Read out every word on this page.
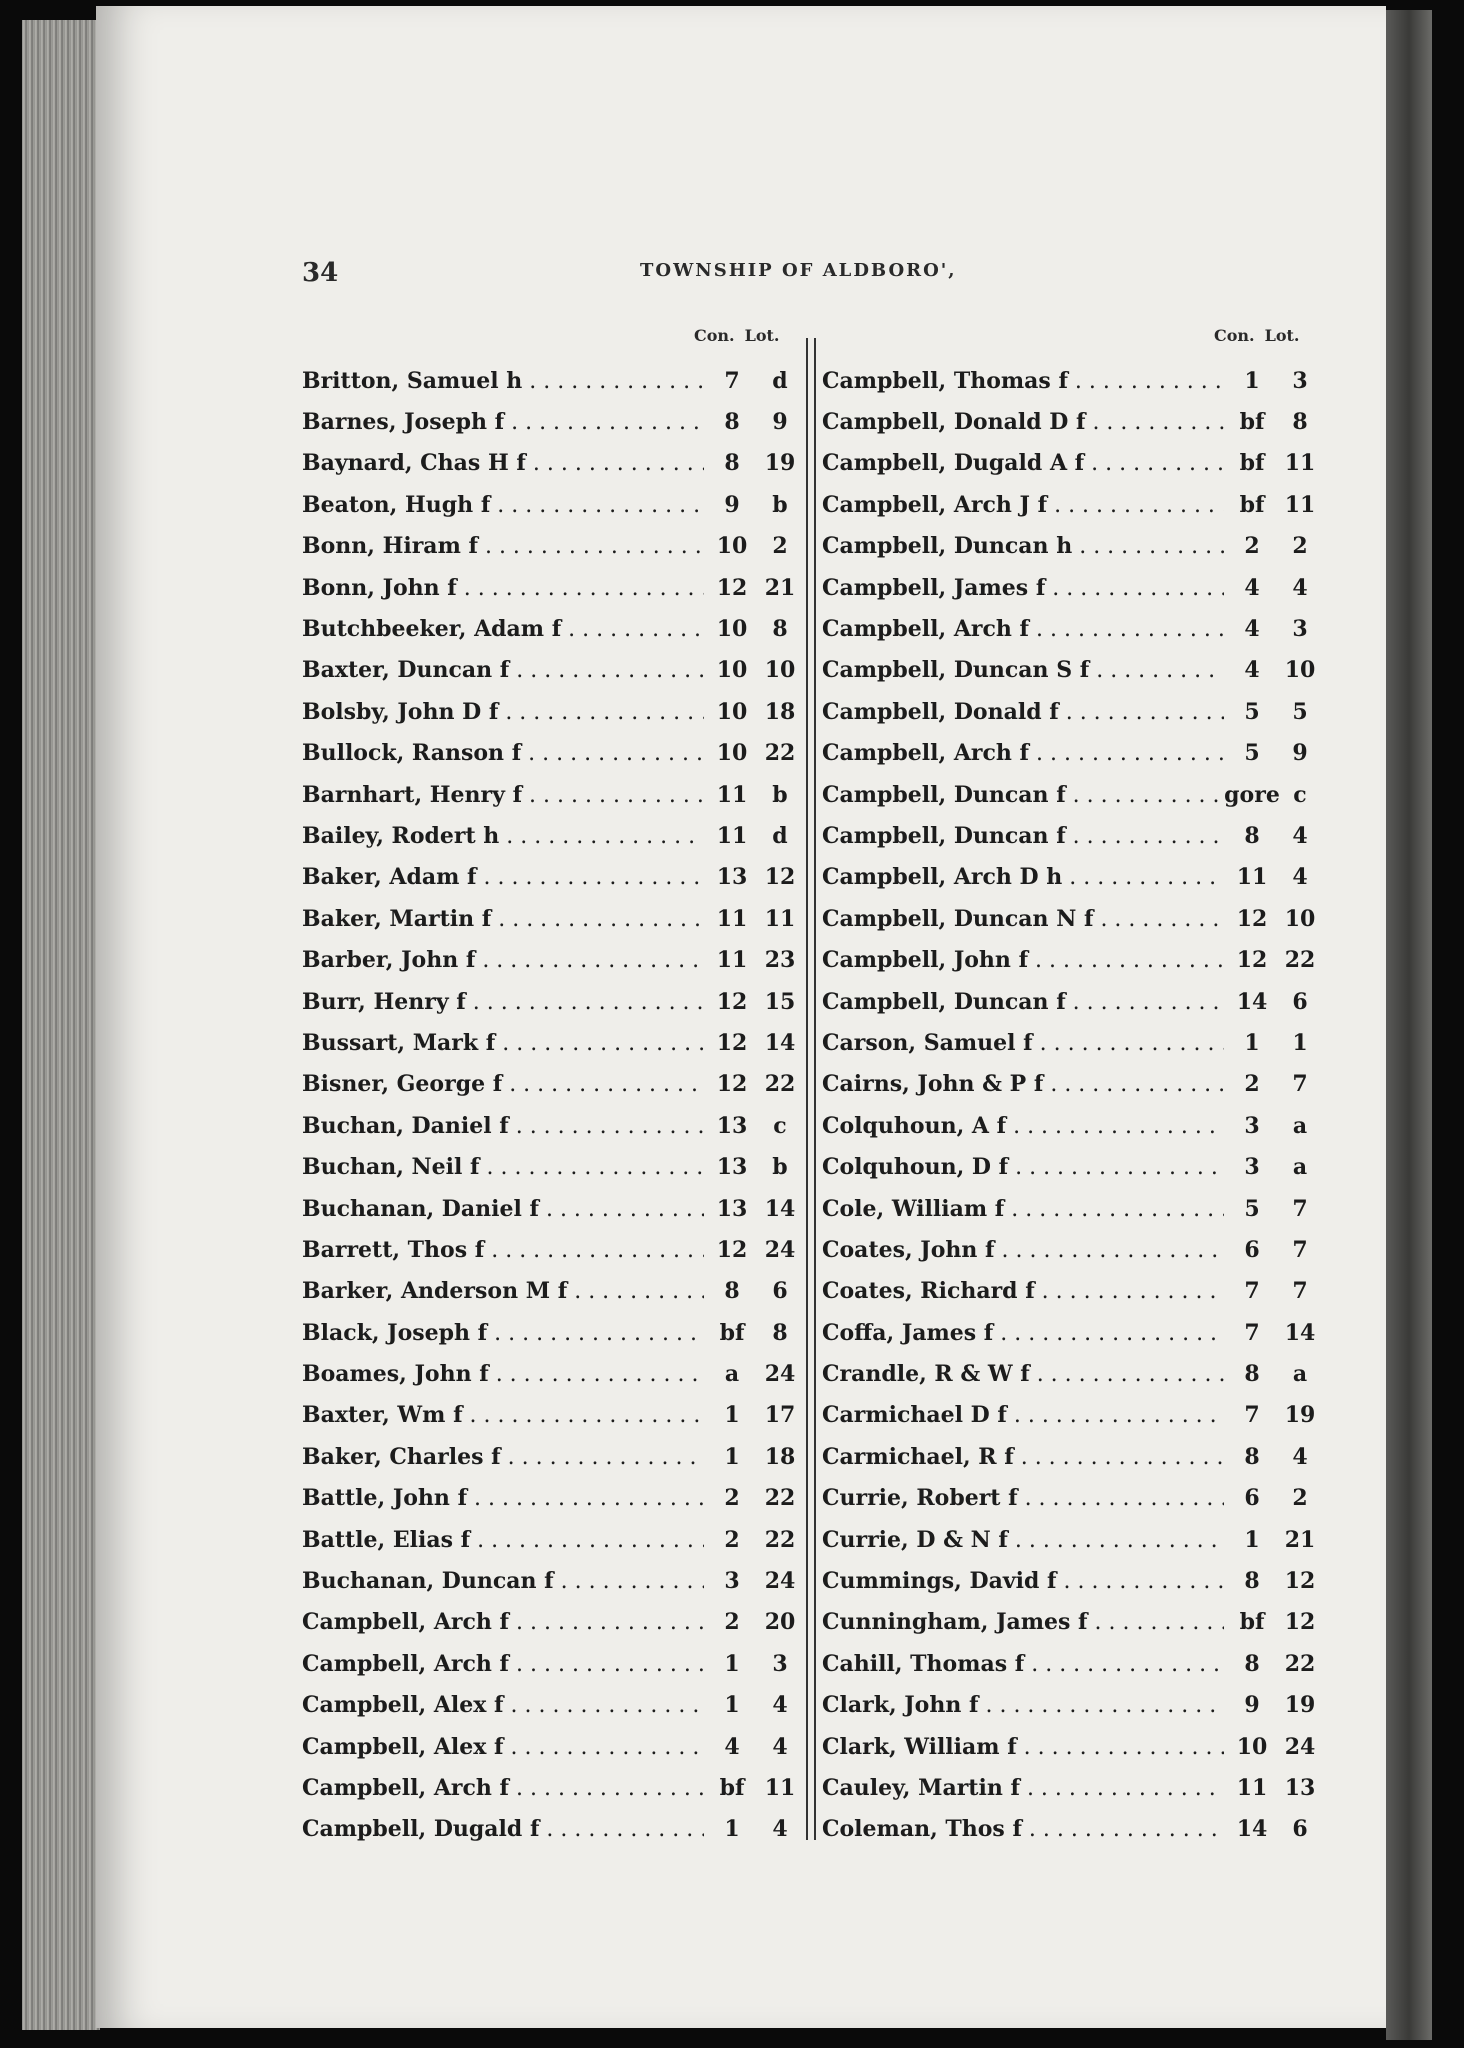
34	TOWNSHIP OF ALDBORO',
Con. Lot.	Con. Lot.
Britton, Samuel h . . .	7	d
Barnes, Joseph f . . .	8	9
Baynard, Chas H f . . .	8	19
Beaton, Hugh f . . .	9	b
Bonn, Hiram f . . .	10	2
Bonn, John f . . .	12 21
Butchbeeker, Adam f . . .	10	8
Baxter, Duncan f . . .	10 10
Bolsby, John D f . . .	10 18
Bullock, Ranson f . . .	10 22
Barnhart, Henry f . . .	11	b
Bailey, Rodert h . . .	11	d
Baker, Adam f . . .	13 12
Baker, Martin f . . .	11 11
Barber, John f . . .	11 23
Burr, Henry f . . .	12 15
Bussart, Mark f . . .	12 14
Bisner, George f . . .	12 22
Buchan, Daniel f . . .	13	c
Buchan, Neil f . . .	13	b
Buchanan, Daniel f . . .	13 14
Barrett, Thos f . . .	12 24
Barker, Anderson M f . . .	8	6
Black, Joseph f . . .	bf	8
Boames, John f . . .	a	24
Baxter, Wm f . . .	1	17
Baker, Charles f . . .	1	18
Battle, John f . . .	2	22
Battle, Elias f . . .	2	22
Buchanan, Duncan f . . .	3	24
Campbell, Arch f . . .	2	20
Campbell, Arch f . . .	1	3
Campbell, Alex f . . .	1	4
Campbell, Alex f . . .	4	4
Campbell, Arch f . . .	bf 11
Campbell, Dugald f . . .	1	4
Campbell, Thomas f . . .	1	3
Campbell, Donald D f . . .	bf	8
Campbell, Dugald A f . . .	bf 11
Campbell, Arch J f . . .	bf 11
Campbell, Duncan h . . .	2	2
Campbell, James f . . .	4	4
Campbell, Arch f . . .	4	3
Campbell, Duncan S f . . .	4	10
Campbell, Donald f . . .	5	5
Campbell, Arch f . . .	5	9
Campbell, Duncan f . . .	gore c
Campbell, Duncan f . . .	8	4
Campbell, Arch D h . . .	11	4
Campbell, Duncan N f . . .	12 10
Campbell, John f . . .	12 22
Campbell, Duncan f . . .	14	6
Carson, Samuel f . . .	1	1
Cairns, John & P f . . .	2	7
Colquhoun, A f . . .	3	a
Colquhoun, D f . . .	3	a
Cole, William f . . .	5	7
Coates, John f . . .	6	7
Coates, Richard f . . .	7	7
Coffa, James f . . .	7	14
Crandle, R & W f . . .	8	a
Carmichael D f . . .	7	19
Carmichael, R f . . .	8	4
Currie, Robert f . . .	6	2
Currie, D & N f . . .	1	21
Cummings, David f . . .	8	12
Cunningham, James f . . .	bf 12
Cahill, Thomas f . . .	8	22
Clark, John f . . .	9	19
Clark, William f . . .	10 24
Cauley, Martin f . . .	11 13
Coleman, Thos f . . .	14	6
